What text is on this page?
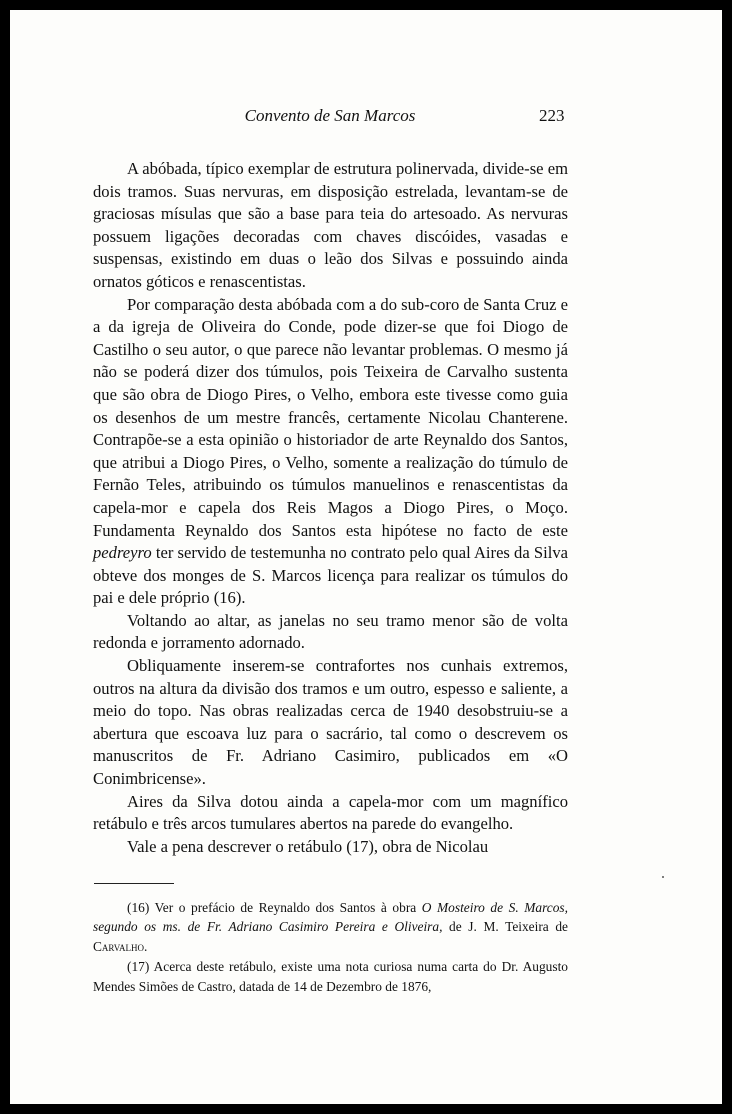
Convento de San Marcos	223

A abóbada, típico exemplar de estrutura polinervada, divide-se em dois tramos. Suas nervuras, em disposição estrelada, levantam-se de graciosas mísulas que são a base para teia do artesoado. As nervuras possuem ligações decoradas com chaves discóides, vasadas e suspensas, existindo em duas o leão dos Silvas e possuindo ainda ornatos góticos e renascentistas.

Por comparação desta abóbada com a do sub-coro de Santa Cruz e a da igreja de Oliveira do Conde, pode dizer-se que foi Diogo de Castilho o seu autor, o que parece não levantar problemas. O mesmo já não se poderá dizer dos túmulos, pois Teixeira de Carvalho sustenta que são obra de Diogo Pires, o Velho, embora este tivesse como guia os desenhos de um mestre francês, certamente Nicolau Chanterene. Contrapõe-se a esta opinião o historiador de arte Reynaldo dos Santos, que atribui a Diogo Pires, o Velho, somente a realização do túmulo de Fernão Teles, atribuindo os túmulos manuelinos e renascentistas da capela-mor e capela dos Reis Magos a Diogo Pires, o Moço. Fundamenta Reynaldo dos Santos esta hipótese no facto de este pedreyro ter servido de testemunha no contrato pelo qual Aires da Silva obteve dos monges de S. Marcos licença para realizar os túmulos do pai e dele próprio (16).

Voltando ao altar, as janelas no seu tramo menor são de volta redonda e jorramento adornado.

Obliquamente inserem-se contrafortes nos cunhais extremos, outros na altura da divisão dos tramos e um outro, espesso e saliente, a meio do topo. Nas obras realizadas cerca de 1940 desobstruiu-se a abertura que escoava luz para o sacrário, tal como o descrevem os manuscritos de Fr. Adriano Casimiro, publicados em «O Conimbricense».

Aires da Silva dotou ainda a capela-mor com um magnífico retábulo e três arcos tumulares abertos na parede do evangelho.

Vale a pena descrever o retábulo (17), obra de Nicolau

(16) Ver o prefácio de Reynaldo dos Santos à obra O Mosteiro de S. Marcos, segundo os ms. de Fr. Adriano Casimiro Pereira e Oliveira, de J. M. Teixeira de Carvalho.

(17) Acerca deste retábulo, existe uma nota curiosa numa carta do Dr. Augusto Mendes Simões de Castro, datada de 14 de Dezembro de 1876,
